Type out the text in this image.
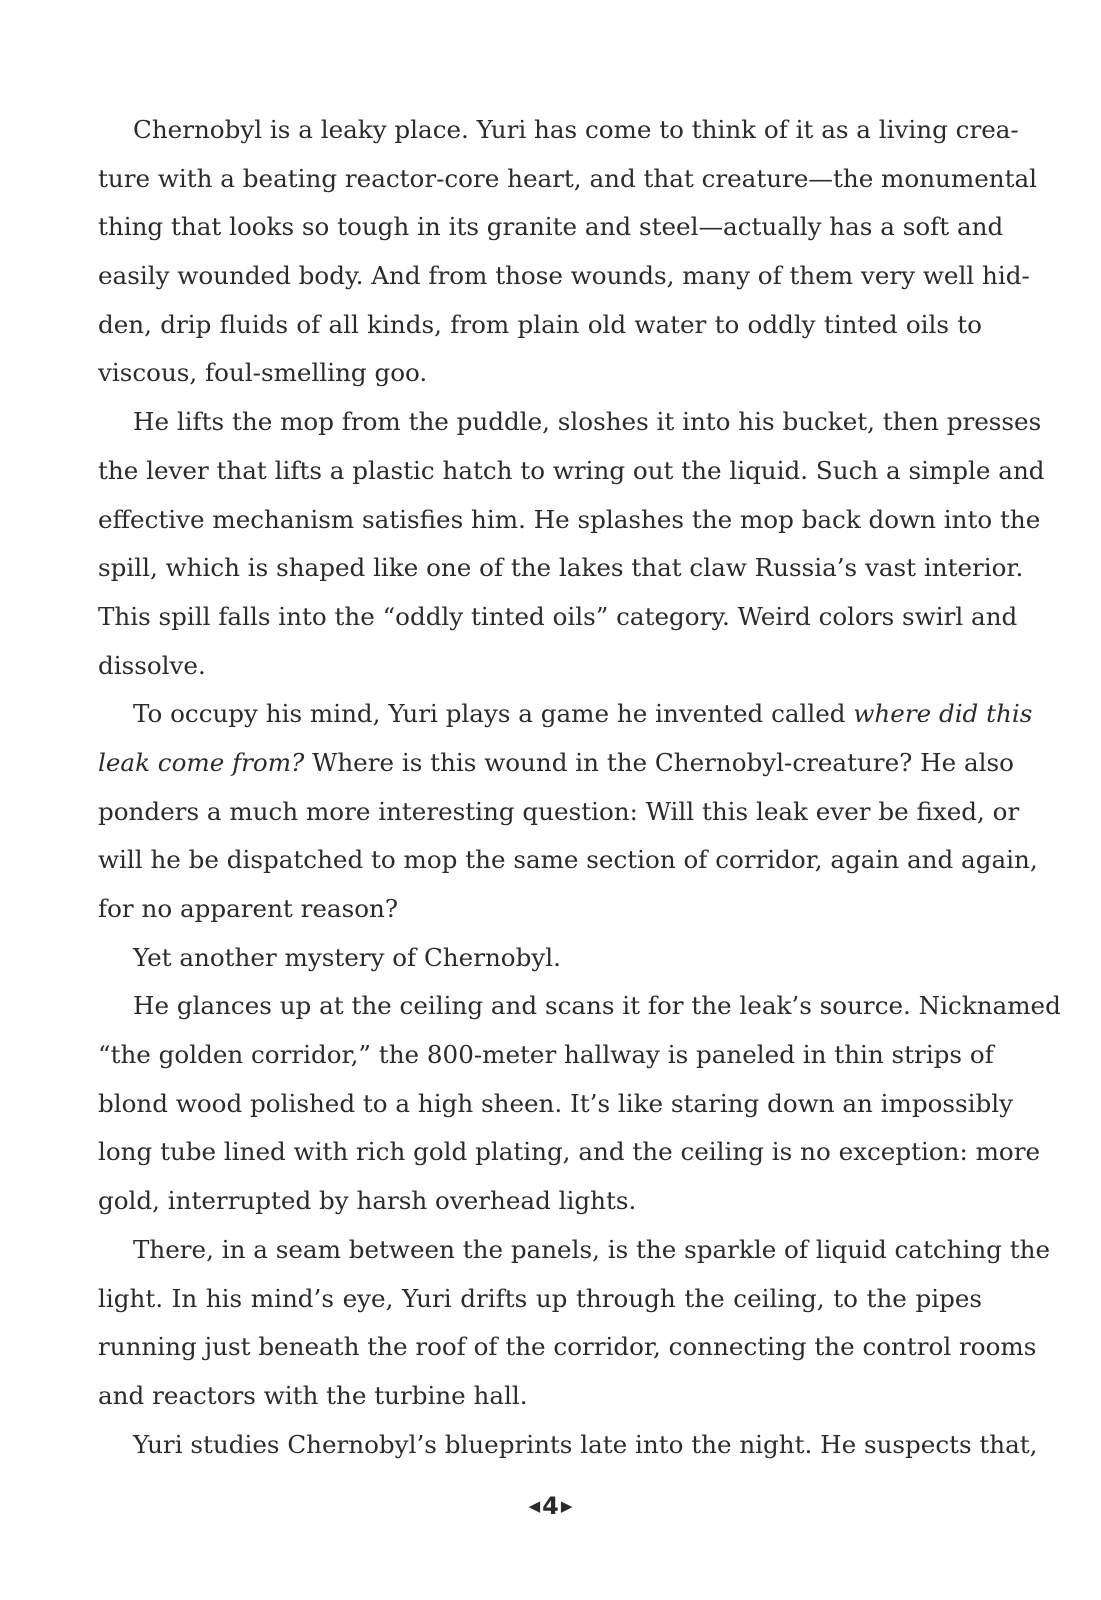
Chernobyl is a leaky place. Yuri has come to think of it as a living crea-
ture with a beating reactor-core heart, and that creature—the monumental
thing that looks so tough in its granite and steel—actually has a soft and
easily wounded body. And from those wounds, many of them very well hid-
den, drip fluids of all kinds, from plain old water to oddly tinted oils to
viscous, foul-smelling goo.
He lifts the mop from the puddle, sloshes it into his bucket, then presses
the lever that lifts a plastic hatch to wring out the liquid. Such a simple and
effective mechanism satisfies him. He splashes the mop back down into the
spill, which is shaped like one of the lakes that claw Russia’s vast interior.
This spill falls into the “oddly tinted oils” category. Weird colors swirl and
dissolve.
To occupy his mind, Yuri plays a game he invented called where did this
leak come from? Where is this wound in the Chernobyl-creature? He also
ponders a much more interesting question: Will this leak ever be fixed, or
will he be dispatched to mop the same section of corridor, again and again,
for no apparent reason?
Yet another mystery of Chernobyl.
He glances up at the ceiling and scans it for the leak’s source. Nicknamed
“the golden corridor,” the 800-meter hallway is paneled in thin strips of
blond wood polished to a high sheen. It’s like staring down an impossibly
long tube lined with rich gold plating, and the ceiling is no exception: more
gold, interrupted by harsh overhead lights.
There, in a seam between the panels, is the sparkle of liquid catching the
light. In his mind’s eye, Yuri drifts up through the ceiling, to the pipes
running just beneath the roof of the corridor, connecting the control rooms
and reactors with the turbine hall.
Yuri studies Chernobyl’s blueprints late into the night. He suspects that,
◀4 ▶
